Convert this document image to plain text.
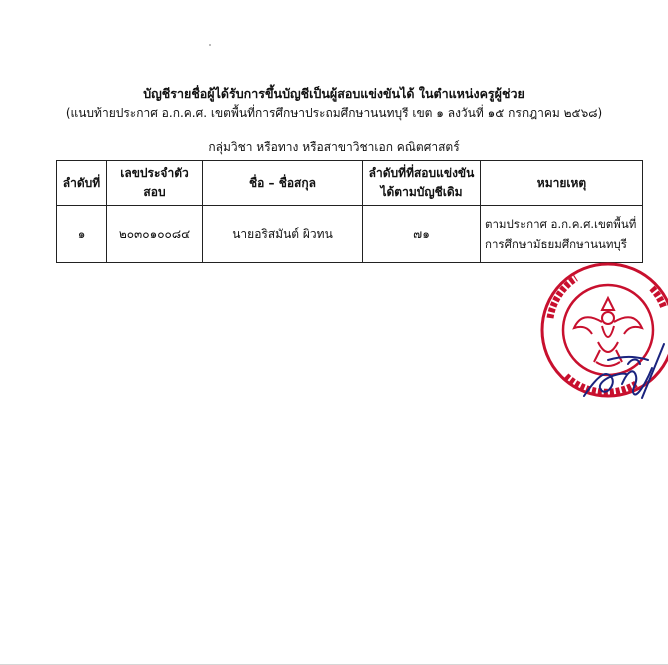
บัญชีรายชื่อผู้ได้รับการขึ้นบัญชีเป็นผู้สอบแข่งขันได้ ในตำแหน่งครูผู้ช่วย
(แนบท้ายประกาศ อ.ก.ค.ศ. เขตพื้นที่การศึกษาประถมศึกษานนทบุรี เขต ๑ ลงวันที่ ๑๕ กรกฎาคม ๒๕๖๘)
กลุ่มวิชา หรือทาง หรือสาขาวิชาเอก คณิตศาสตร์
ลำดับที่	เลขประจำตัวสอบ	ชื่อ – ชื่อสกุล	ลำดับที่ที่สอบแข่งขัน
ได้ตามบัญชีเดิม	หมายเหตุ
๑	๒๐๓๐๑๐๐๘๔	นายอริสมันต์ ผิวทน	๗๑	ตามประกาศ อ.ก.ค.ศ.เขตพื้นที่
การศึกษามัธยมศึกษานนทบุรี
